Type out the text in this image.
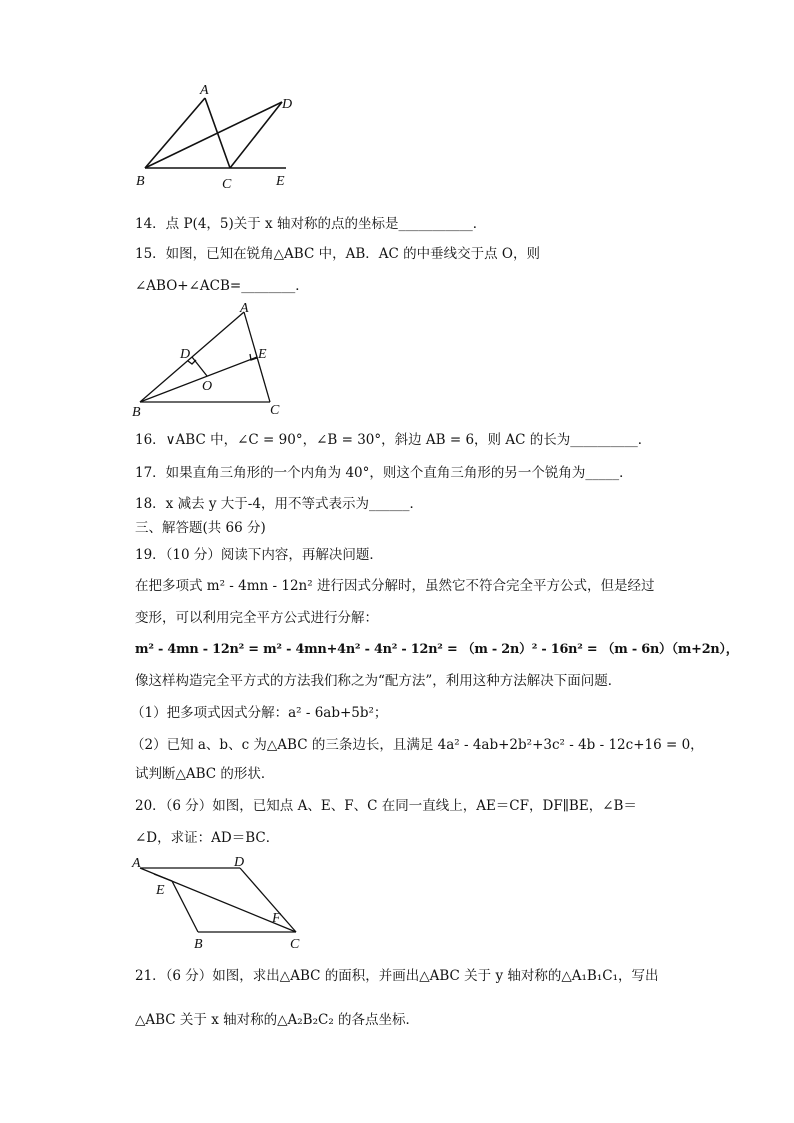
A
D
B	C	E
14．点 P(4，5)关于 x 轴对称的点的坐标是___________．
15．如图，已知在锐角△ABC 中，AB．AC 的中垂线交于点 O，则
∠ABO+∠ACB=________．
A
D	E
O
B	C
16．∨ABC 中，∠C = 90°，∠B = 30°，斜边 AB = 6，则 AC 的长为__________．
17．如果直角三角形的一个内角为 40°，则这个直角三角形的另一个锐角为_____．
18．x 减去 y 大于-4，用不等式表示为______．
三、解答题(共 66 分)
19．（10 分）阅读下内容，再解决问题．
在把多项式 m² - 4mn - 12n² 进行因式分解时，虽然它不符合完全平方公式，但是经过
变形，可以利用完全平方公式进行分解：
m² - 4mn - 12n² = m² - 4mn+4n² - 4n² - 12n² = （m - 2n）² - 16n² = （m - 6n）（m+2n），
像这样构造完全平方式的方法我们称之为“配方法”，利用这种方法解决下面问题．
（1）把多项式因式分解：a² - 6ab+5b²；
（2）已知 a、b、c 为△ABC 的三条边长，且满足 4a² - 4ab+2b²+3c² - 4b - 12c+16 = 0，
试判断△ABC 的形状．
20．（6 分）如图，已知点 A、E、F、C 在同一直线上，AE＝CF，DF∥BE，∠B＝
∠D，求证：AD＝BC．
A	D
E
F
B	C
21．（6 分）如图，求出△ABC 的面积，并画出△ABC 关于 y 轴对称的△A₁B₁C₁，写出
△ABC 关于 x 轴对称的△A₂B₂C₂ 的各点坐标．
